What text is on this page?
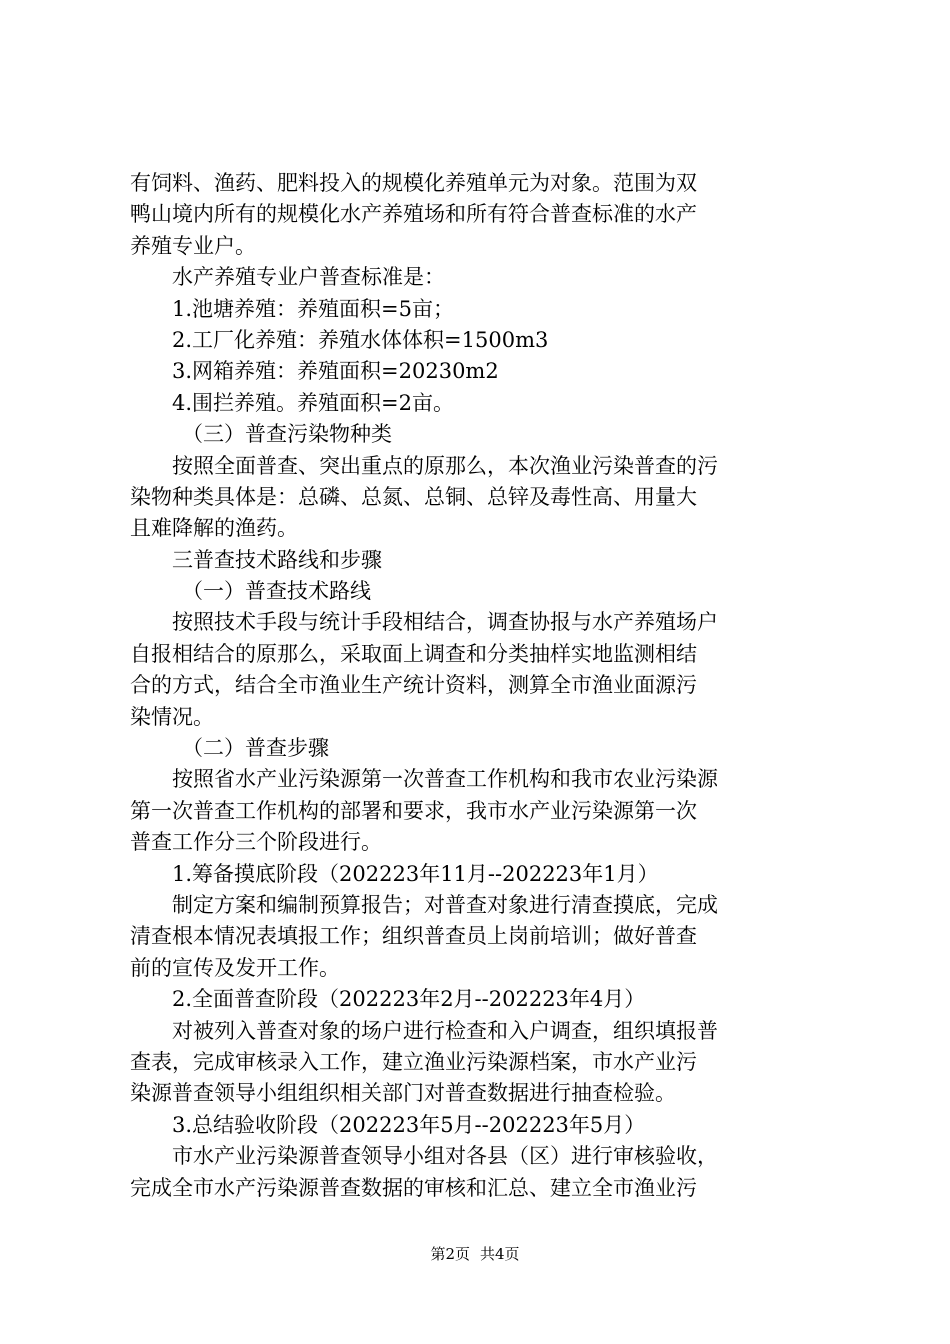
有饲料、渔药、肥料投入的规模化养殖单元为对象。范围为双
鸭山境内所有的规模化水产养殖场和所有符合普查标准的水产
养殖专业户。
水产养殖专业户普查标准是：
1.池塘养殖：养殖面积=5亩；
2.工厂化养殖：养殖水体体积=1500m3
3.网箱养殖：养殖面积=20230m2
4.围拦养殖。养殖面积=2亩。
（三）普查污染物种类
按照全面普查、突出重点的原那么，本次渔业污染普查的污
染物种类具体是：总磷、总氮、总铜、总锌及毒性高、用量大
且难降解的渔药。
三普查技术路线和步骤
（一）普查技术路线
按照技术手段与统计手段相结合，调查协报与水产养殖场户
自报相结合的原那么，采取面上调查和分类抽样实地监测相结
合的方式，结合全市渔业生产统计资料，测算全市渔业面源污
染情况。
（二）普查步骤
按照省水产业污染源第一次普查工作机构和我市农业污染源
第一次普查工作机构的部署和要求，我市水产业污染源第一次
普查工作分三个阶段进行。
1.筹备摸底阶段（202223年11月--202223年1月）
制定方案和编制预算报告；对普查对象进行清查摸底，完成
清查根本情况表填报工作；组织普查员上岗前培训；做好普查
前的宣传及发开工作。
2.全面普查阶段（202223年2月--202223年4月）
对被列入普查对象的场户进行检查和入户调查，组织填报普
查表，完成审核录入工作，建立渔业污染源档案，市水产业污
染源普查领导小组组织相关部门对普查数据进行抽查检验。
3.总结验收阶段（202223年5月--202223年5月）
市水产业污染源普查领导小组对各县（区）进行审核验收，
完成全市水产污染源普查数据的审核和汇总、建立全市渔业污
第2页 共4页
